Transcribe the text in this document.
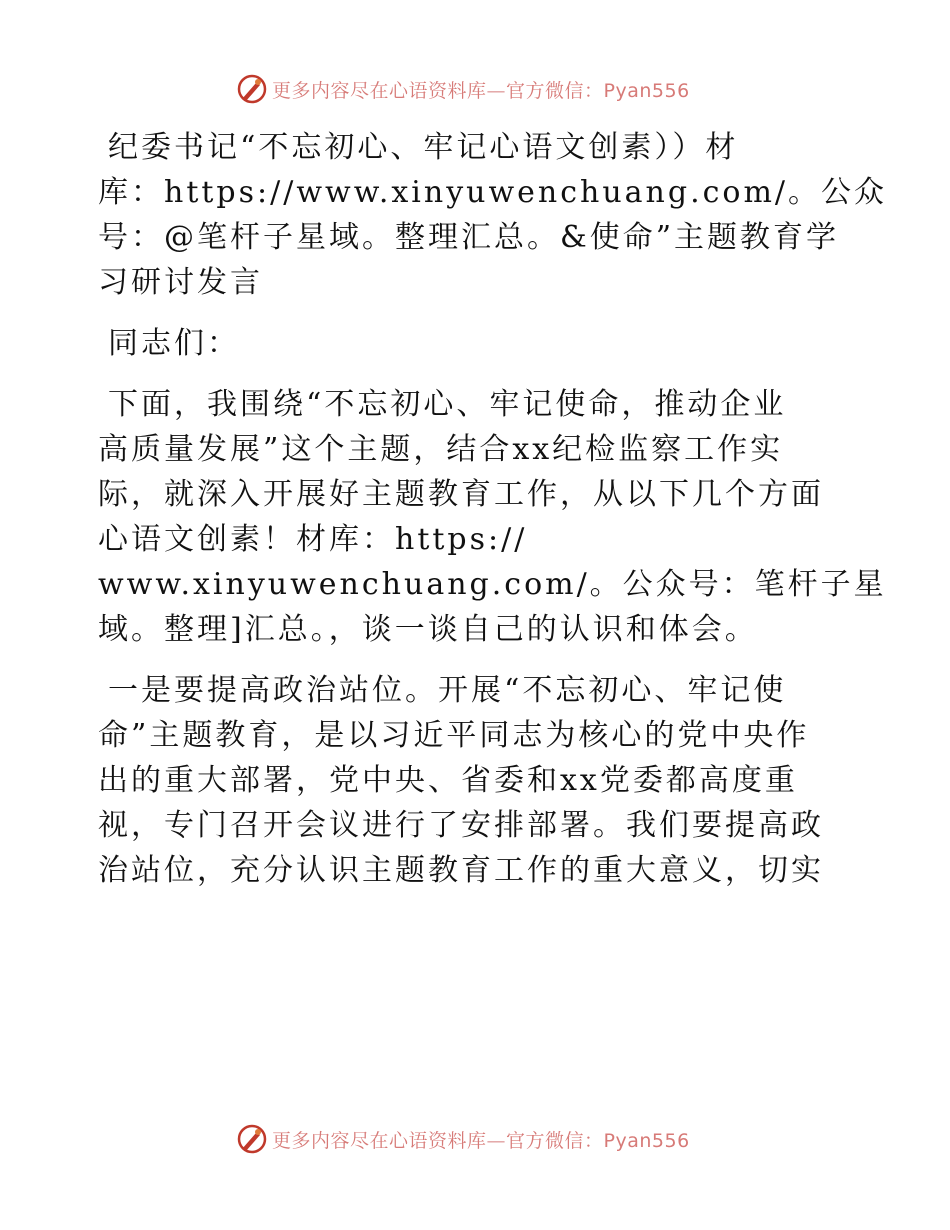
更多内容尽在心语资料库—官方微信：Pyan556

纪委书记“不忘初心、牢记心语文创素））材
库：https://www.xinyuwenchuang.com/。公众
号：@笔杆子星域。整理汇总。&使命”主题教育学
习研讨发言

同志们：

下面，我围绕“不忘初心、牢记使命，推动企业
高质量发展”这个主题，结合xx纪检监察工作实
际，就深入开展好主题教育工作，从以下几个方面
心语文创素！材库：https://
www.xinyuwenchuang.com/。公众号：笔杆子星
域。整理]汇总。，谈一谈自己的认识和体会。

一是要提高政治站位。开展“不忘初心、牢记使
命”主题教育，是以习近平同志为核心的党中央作
出的重大部署，党中央、省委和xx党委都高度重
视，专门召开会议进行了安排部署。我们要提高政
治站位，充分认识主题教育工作的重大意义，切实

更多内容尽在心语资料库—官方微信：Pyan556
